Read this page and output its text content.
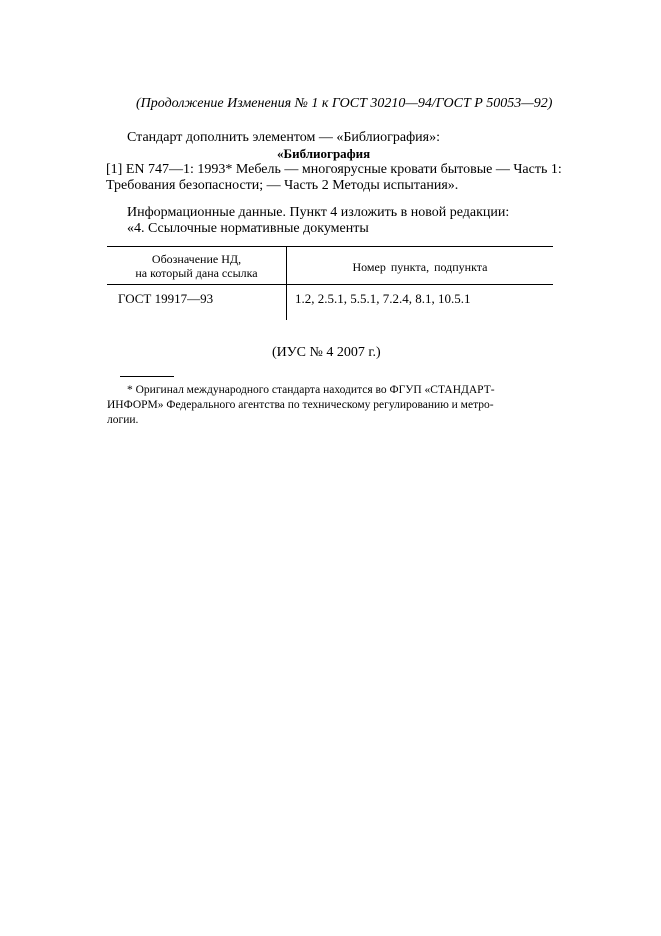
(Продолжение Изменения № 1 к ГОСТ 30210—94/ГОСТ Р 50053—92)
Стандарт дополнить элементом — «Библиография»:
«Библиография
[1] EN 747—1: 1993* Мебель — многоярусные кровати бытовые — Часть 1:
Требования безопасности; — Часть 2 Методы испытания».
Информационные данные. Пункт 4 изложить в новой редакции:
«4. Ссылочные нормативные документы
Обозначение НД,
на который дана ссылка	Номер пункта, подпункта
ГОСТ 19917—93	1.2, 2.5.1, 5.5.1, 7.2.4, 8.1, 10.5.1
(ИУС № 4 2007 г.)
* Оригинал международного стандарта находится во ФГУП «СТАНДАРТ-
ИНФОРМ» Федерального агентства по техническому регулированию и метро-
логии.
